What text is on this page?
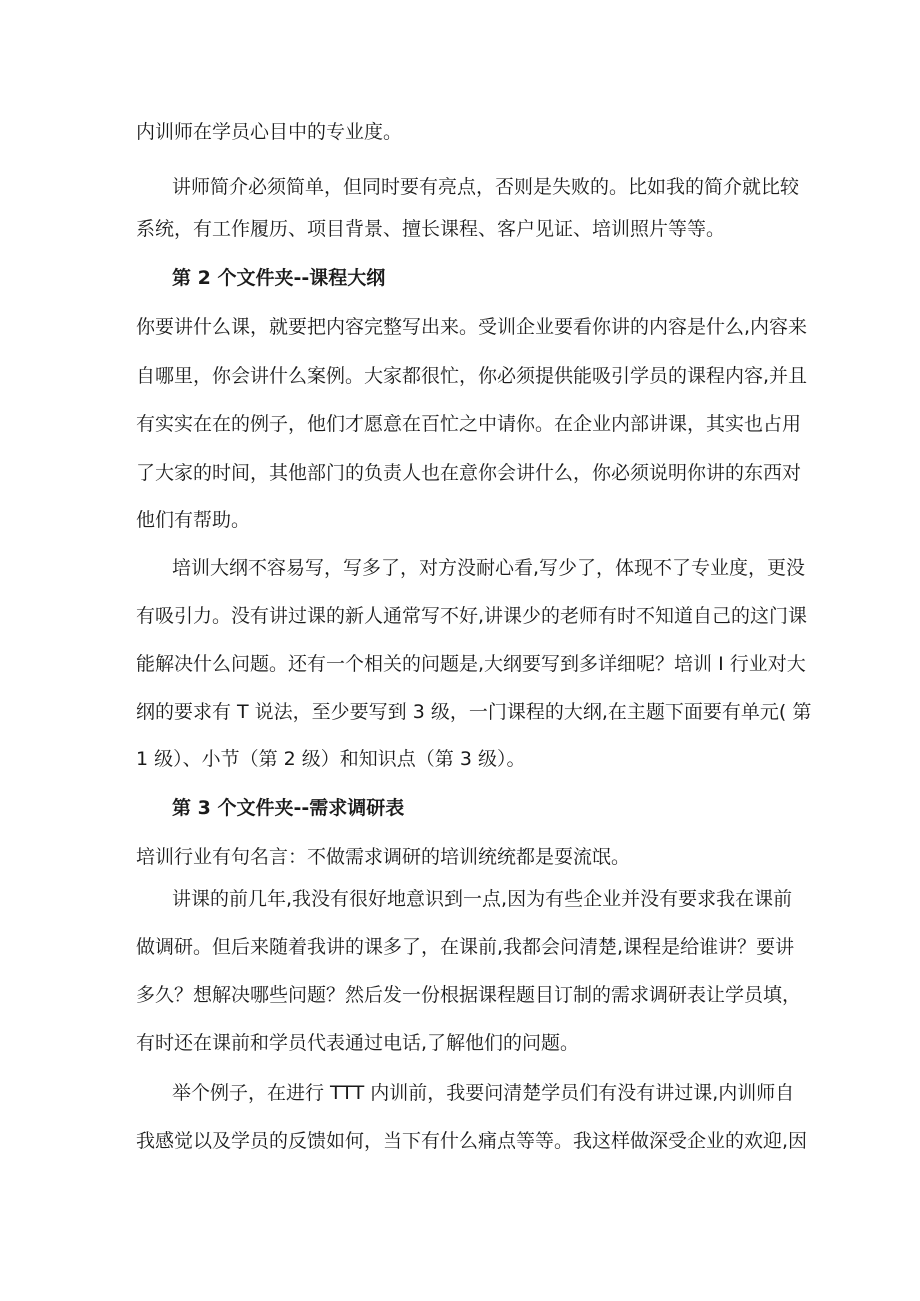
内训师在学员心目中的专业度。
讲师简介必须简单，但同时要有亮点，否则是失败的。比如我的简介就比较
系统，有工作履历、项目背景、擅长课程、客户见证、培训照片等等。
第 2 个文件夹--课程大纲
你要讲什么课，就要把内容完整写出来。受训企业要看你讲的内容是什么,内容来
自哪里，你会讲什么案例。大家都很忙，你必须提供能吸引学员的课程内容,并且
有实实在在的例子，他们才愿意在百忙之中请你。在企业内部讲课，其实也占用
了大家的时间，其他部门的负责人也在意你会讲什么，你必须说明你讲的东西对
他们有帮助。
培训大纲不容易写，写多了，对方没耐心看,写少了，体现不了专业度，更没
有吸引力。没有讲过课的新人通常写不好,讲课少的老师有时不知道自己的这门课
能解决什么问题。还有一个相关的问题是,大纲要写到多详细呢？培训 I 行业对大
纲的要求有 T 说法，至少要写到 3 级，一门课程的大纲,在主题下面要有单元( 第
1 级）、小节（第 2 级）和知识点（第 3 级）。
第 3 个文件夹--需求调研表
培训行业有句名言：不做需求调研的培训统统都是耍流氓。
讲课的前几年,我没有很好地意识到一点,因为有些企业并没有要求我在课前
做调研。但后来随着我讲的课多了，在课前,我都会问清楚,课程是给谁讲？要讲
多久？想解决哪些问题？然后发一份根据课程题目订制的需求调研表让学员填，
有时还在课前和学员代表通过电话,了解他们的问题。
举个例子，在进行 TTT 内训前，我要问清楚学员们有没有讲过课,内训师自
我感觉以及学员的反馈如何，当下有什么痛点等等。我这样做深受企业的欢迎,因
